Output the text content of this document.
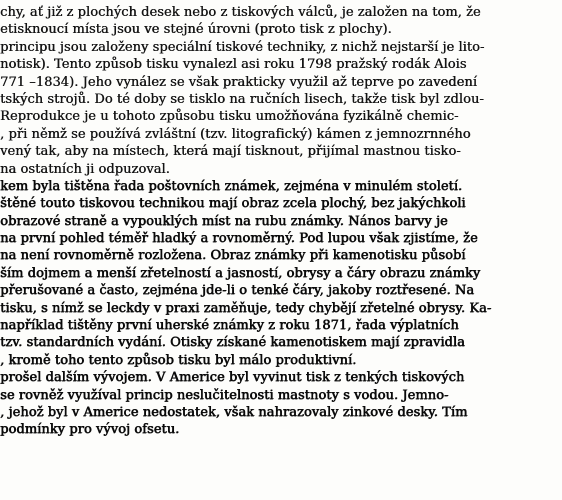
chy, ať již z plochých desek nebo z tiskových válců, je založen na tom, že
etisknoucí místa jsou ve stejné úrovni (proto tisk z plochy).
principu jsou založeny speciální tiskové techniky, z nichž nejstarší je lito-
notisk). Tento způsob tisku vynalezl asi roku 1798 pražský rodák Alois
771 –1834). Jeho vynález se však prakticky využil až teprve po zavedení
tských strojů. Do té doby se tisklo na ručních lisech, takže tisk byl zdlou-
Reprodukce je u tohoto způsobu tisku umožňována fyzikálně chemic-
, při němž se používá zvláštní (tzv. litografický) kámen z jemnozrnného
vený tak, aby na místech, která mají tisknout, přijímal mastnou tisko-
na ostatních ji odpuzoval.
kem byla tištěna řada poštovních známek, zejména v minulém století.
štěné touto tiskovou technikou mají obraz zcela plochý, bez jakýchkoli
obrazové straně a vypouklých míst na rubu známky. Nános barvy je
na první pohled téměř hladký a rovnoměrný. Pod lupou však zjistíme, že
na není rovnoměrně rozložena. Obraz známky při kamenotisku působí
ším dojmem a menší zřetelností a jasností, obrysy a čáry obrazu známky
přerušované a často, zejména jde-li o tenké čáry, jakoby roztřesené. Na
tisku, s nímž se leckdy v praxi zaměňuje, tedy chybějí zřetelné obrysy. Ka-
například tištěny první uherské známky z roku 1871, řada výplatních
tzv. standardních vydání. Otisky získané kamenotiskem mají zpravidla
, kromě toho tento způsob tisku byl málo produktivní.
prošel dalším vývojem. V Americe byl vyvinut tisk z tenkých tiskových
se rovněž využíval princip neslučitelnosti mastnoty s vodou. Jemno-
, jehož byl v Americe nedostatek, však nahrazovaly zinkové desky. Tím
podmínky pro vývoj ofsetu.
